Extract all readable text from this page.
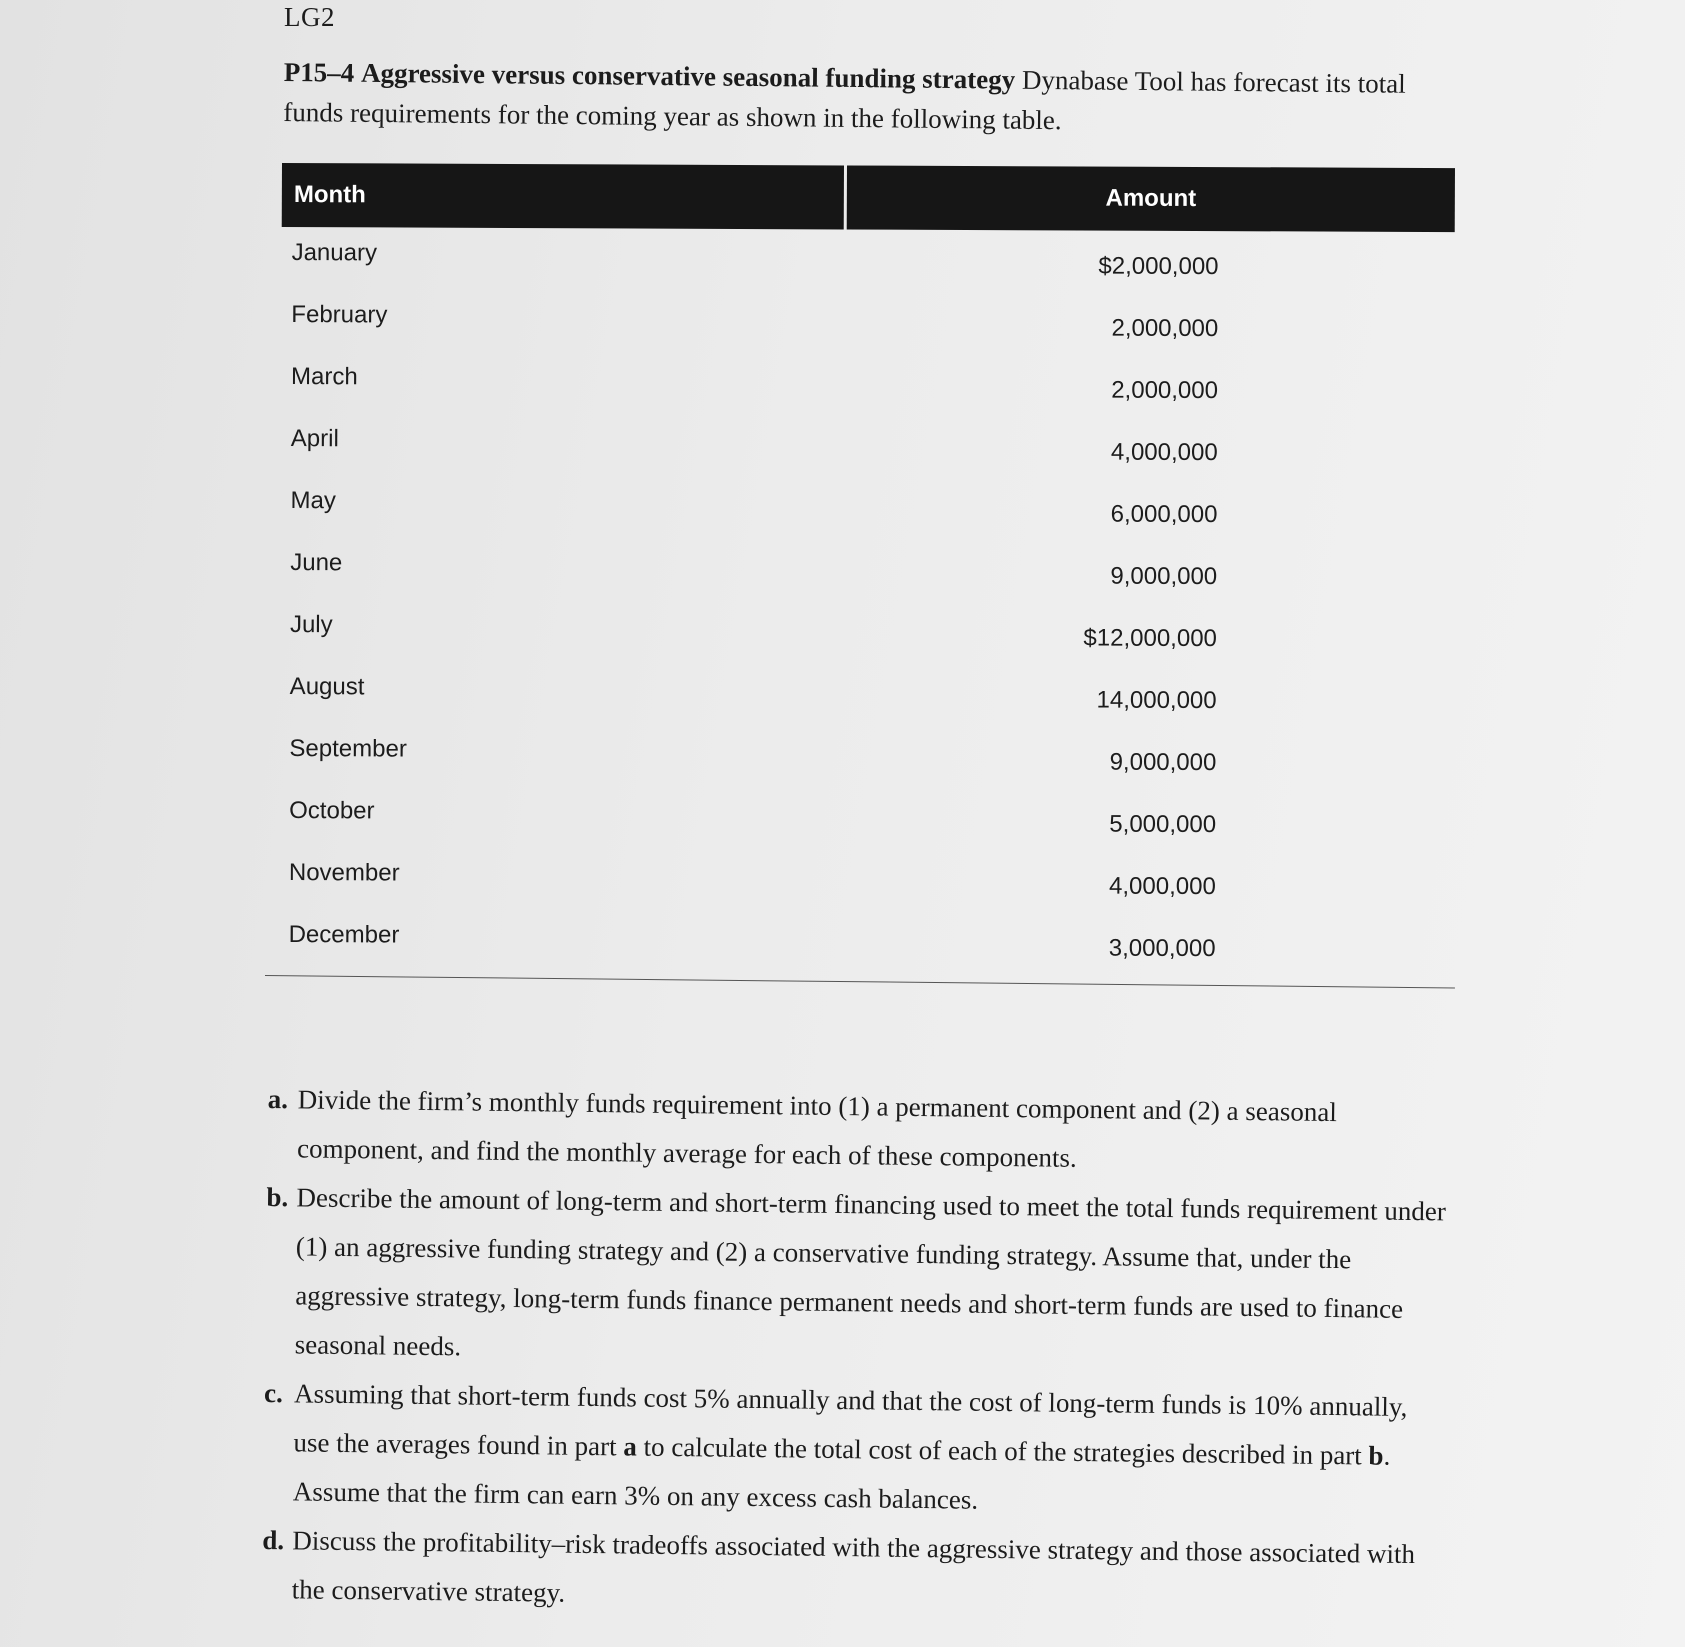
LG2
P15–4 Aggressive versus conservative seasonal funding strategy Dynabase Tool has forecast its total funds requirements for the coming year as shown in the following table.
Month	Amount
January	$2,000,000
February	2,000,000
March	2,000,000
April	4,000,000
May	6,000,000
June	9,000,000
July	$12,000,000
August	14,000,000
September	9,000,000
October	5,000,000
November	4,000,000
December	3,000,000
a. Divide the firm’s monthly funds requirement into (1) a permanent component and (2) a seasonal component, and find the monthly average for each of these components.
b. Describe the amount of long-term and short-term financing used to meet the total funds requirement under (1) an aggressive funding strategy and (2) a conservative funding strategy. Assume that, under the aggressive strategy, long-term funds finance permanent needs and short-term funds are used to finance seasonal needs.
c. Assuming that short-term funds cost 5% annually and that the cost of long-term funds is 10% annually, use the averages found in part a to calculate the total cost of each of the strategies described in part b. Assume that the firm can earn 3% on any excess cash balances.
d. Discuss the profitability–risk tradeoffs associated with the aggressive strategy and those associated with the conservative strategy.
